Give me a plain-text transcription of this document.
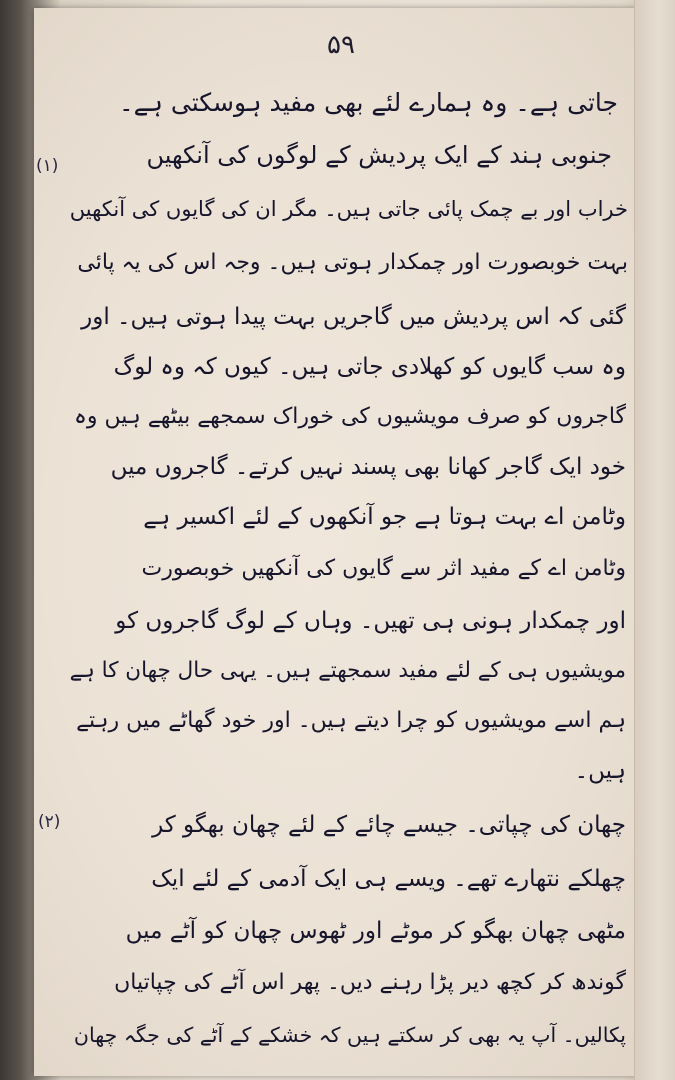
۵۹
جاتی ہے۔ وہ ہمارے لئے بھی مفید ہوسکتی ہے۔
(۱)	جنوبی ہند کے ایک پردیش کے لوگوں کی آنکھیں
خراب اور بے چمک پائی جاتی ہیں۔ مگر ان کی گایوں کی آنکھیں
بہت خوبصورت اور چمکدار ہوتی ہیں۔ وجہ اس کی یہ پائی
گئی کہ اس پردیش میں گاجریں بہت پیدا ہوتی ہیں۔ اور
وہ سب گایوں کو کھلادی جاتی ہیں۔ کیوں کہ وہ لوگ
گاجروں کو صرف مویشیوں کی خوراک سمجھے بیٹھے ہیں وہ
خود ایک گاجر کھانا بھی پسند نہیں کرتے۔ گاجروں میں
وٹامن اے بہت ہوتا ہے جو آنکھوں کے لئے اکسیر ہے
وٹامن اے کے مفید اثر سے گایوں کی آنکھیں خوبصورت
اور چمکدار ہونی ہی تھیں۔ وہاں کے لوگ گاجروں کو
مویشیوں ہی کے لئے مفید سمجھتے ہیں۔ یہی حال چھان کا ہے
ہم اسے مویشیوں کو چرا دیتے ہیں۔ اور خود گھاٹے میں رہتے
ہیں۔
(۲)	چھان کی چپاتی۔ جیسے چائے کے لئے چھان بھگو کر
چھلکے نتھارے تھے۔ ویسے ہی ایک آدمی کے لئے ایک
مٹھی چھان بھگو کر موٹے اور ٹھوس چھان کو آٹے میں
گوندھ کر کچھ دیر پڑا رہنے دیں۔ پھر اس آٹے کی چپاتیاں
پکالیں۔ آپ یہ بھی کر سکتے ہیں کہ خشکے کے آٹے کی جگہ چھان
